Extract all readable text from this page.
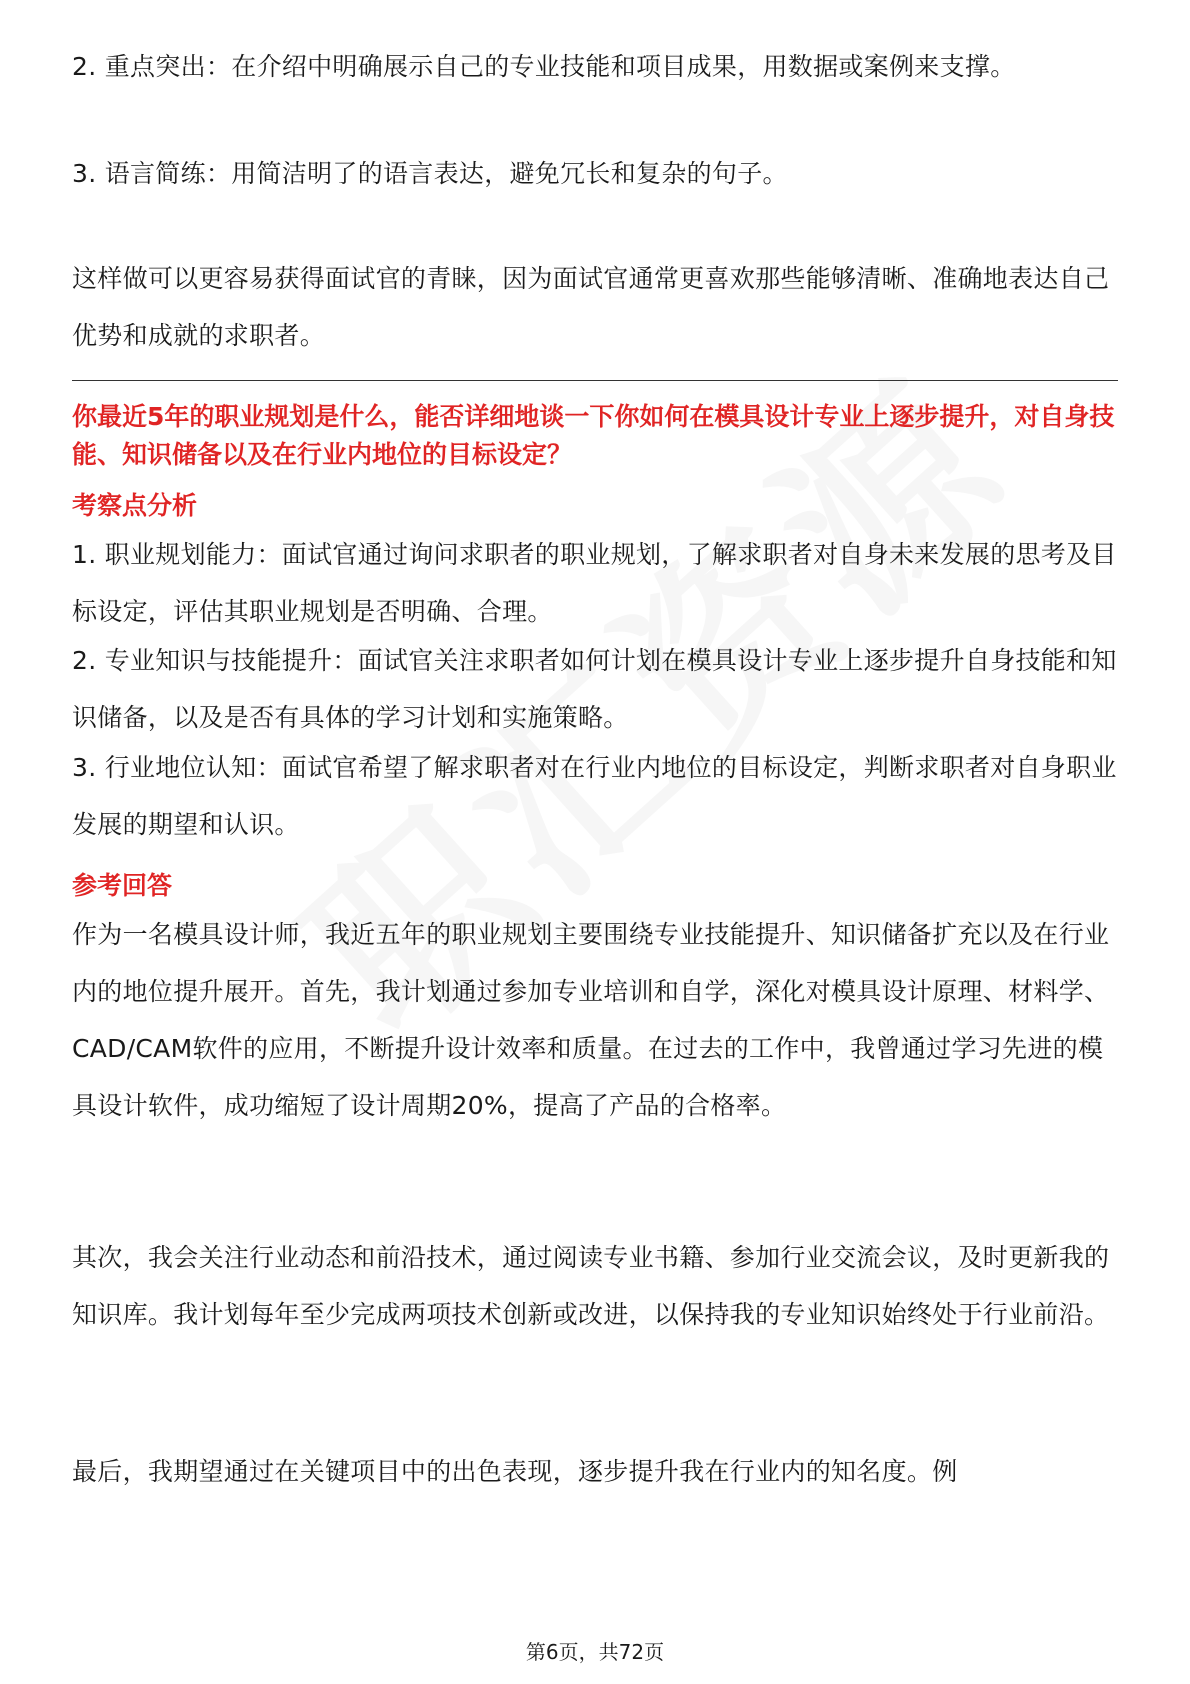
2. 重点突出：在介绍中明确展示自己的专业技能和项目成果，用数据或案例来支撑。

3. 语言简练：用简洁明了的语言表达，避免冗长和复杂的句子。

这样做可以更容易获得面试官的青睐，因为面试官通常更喜欢那些能够清晰、准确地表达自己优势和成就的求职者。

你最近5年的职业规划是什么，能否详细地谈一下你如何在模具设计专业上逐步提升，对自身技能、知识储备以及在行业内地位的目标设定？

考察点分析

1. 职业规划能力：面试官通过询问求职者的职业规划，了解求职者对自身未来发展的思考及目标设定，评估其职业规划是否明确、合理。

2. 专业知识与技能提升：面试官关注求职者如何计划在模具设计专业上逐步提升自身技能和知识储备，以及是否有具体的学习计划和实施策略。

3. 行业地位认知：面试官希望了解求职者对在行业内地位的目标设定，判断求职者对自身职业发展的期望和认识。

参考回答

作为一名模具设计师，我近五年的职业规划主要围绕专业技能提升、知识储备扩充以及在行业内的地位提升展开。首先，我计划通过参加专业培训和自学，深化对模具设计原理、材料学、CAD/CAM软件的应用，不断提升设计效率和质量。在过去的工作中，我曾通过学习先进的模具设计软件，成功缩短了设计周期20%，提高了产品的合格率。

其次，我会关注行业动态和前沿技术，通过阅读专业书籍、参加行业交流会议，及时更新我的知识库。我计划每年至少完成两项技术创新或改进，以保持我的专业知识始终处于行业前沿。

最后，我期望通过在关键项目中的出色表现，逐步提升我在行业内的知名度。例

第6页，共72页
